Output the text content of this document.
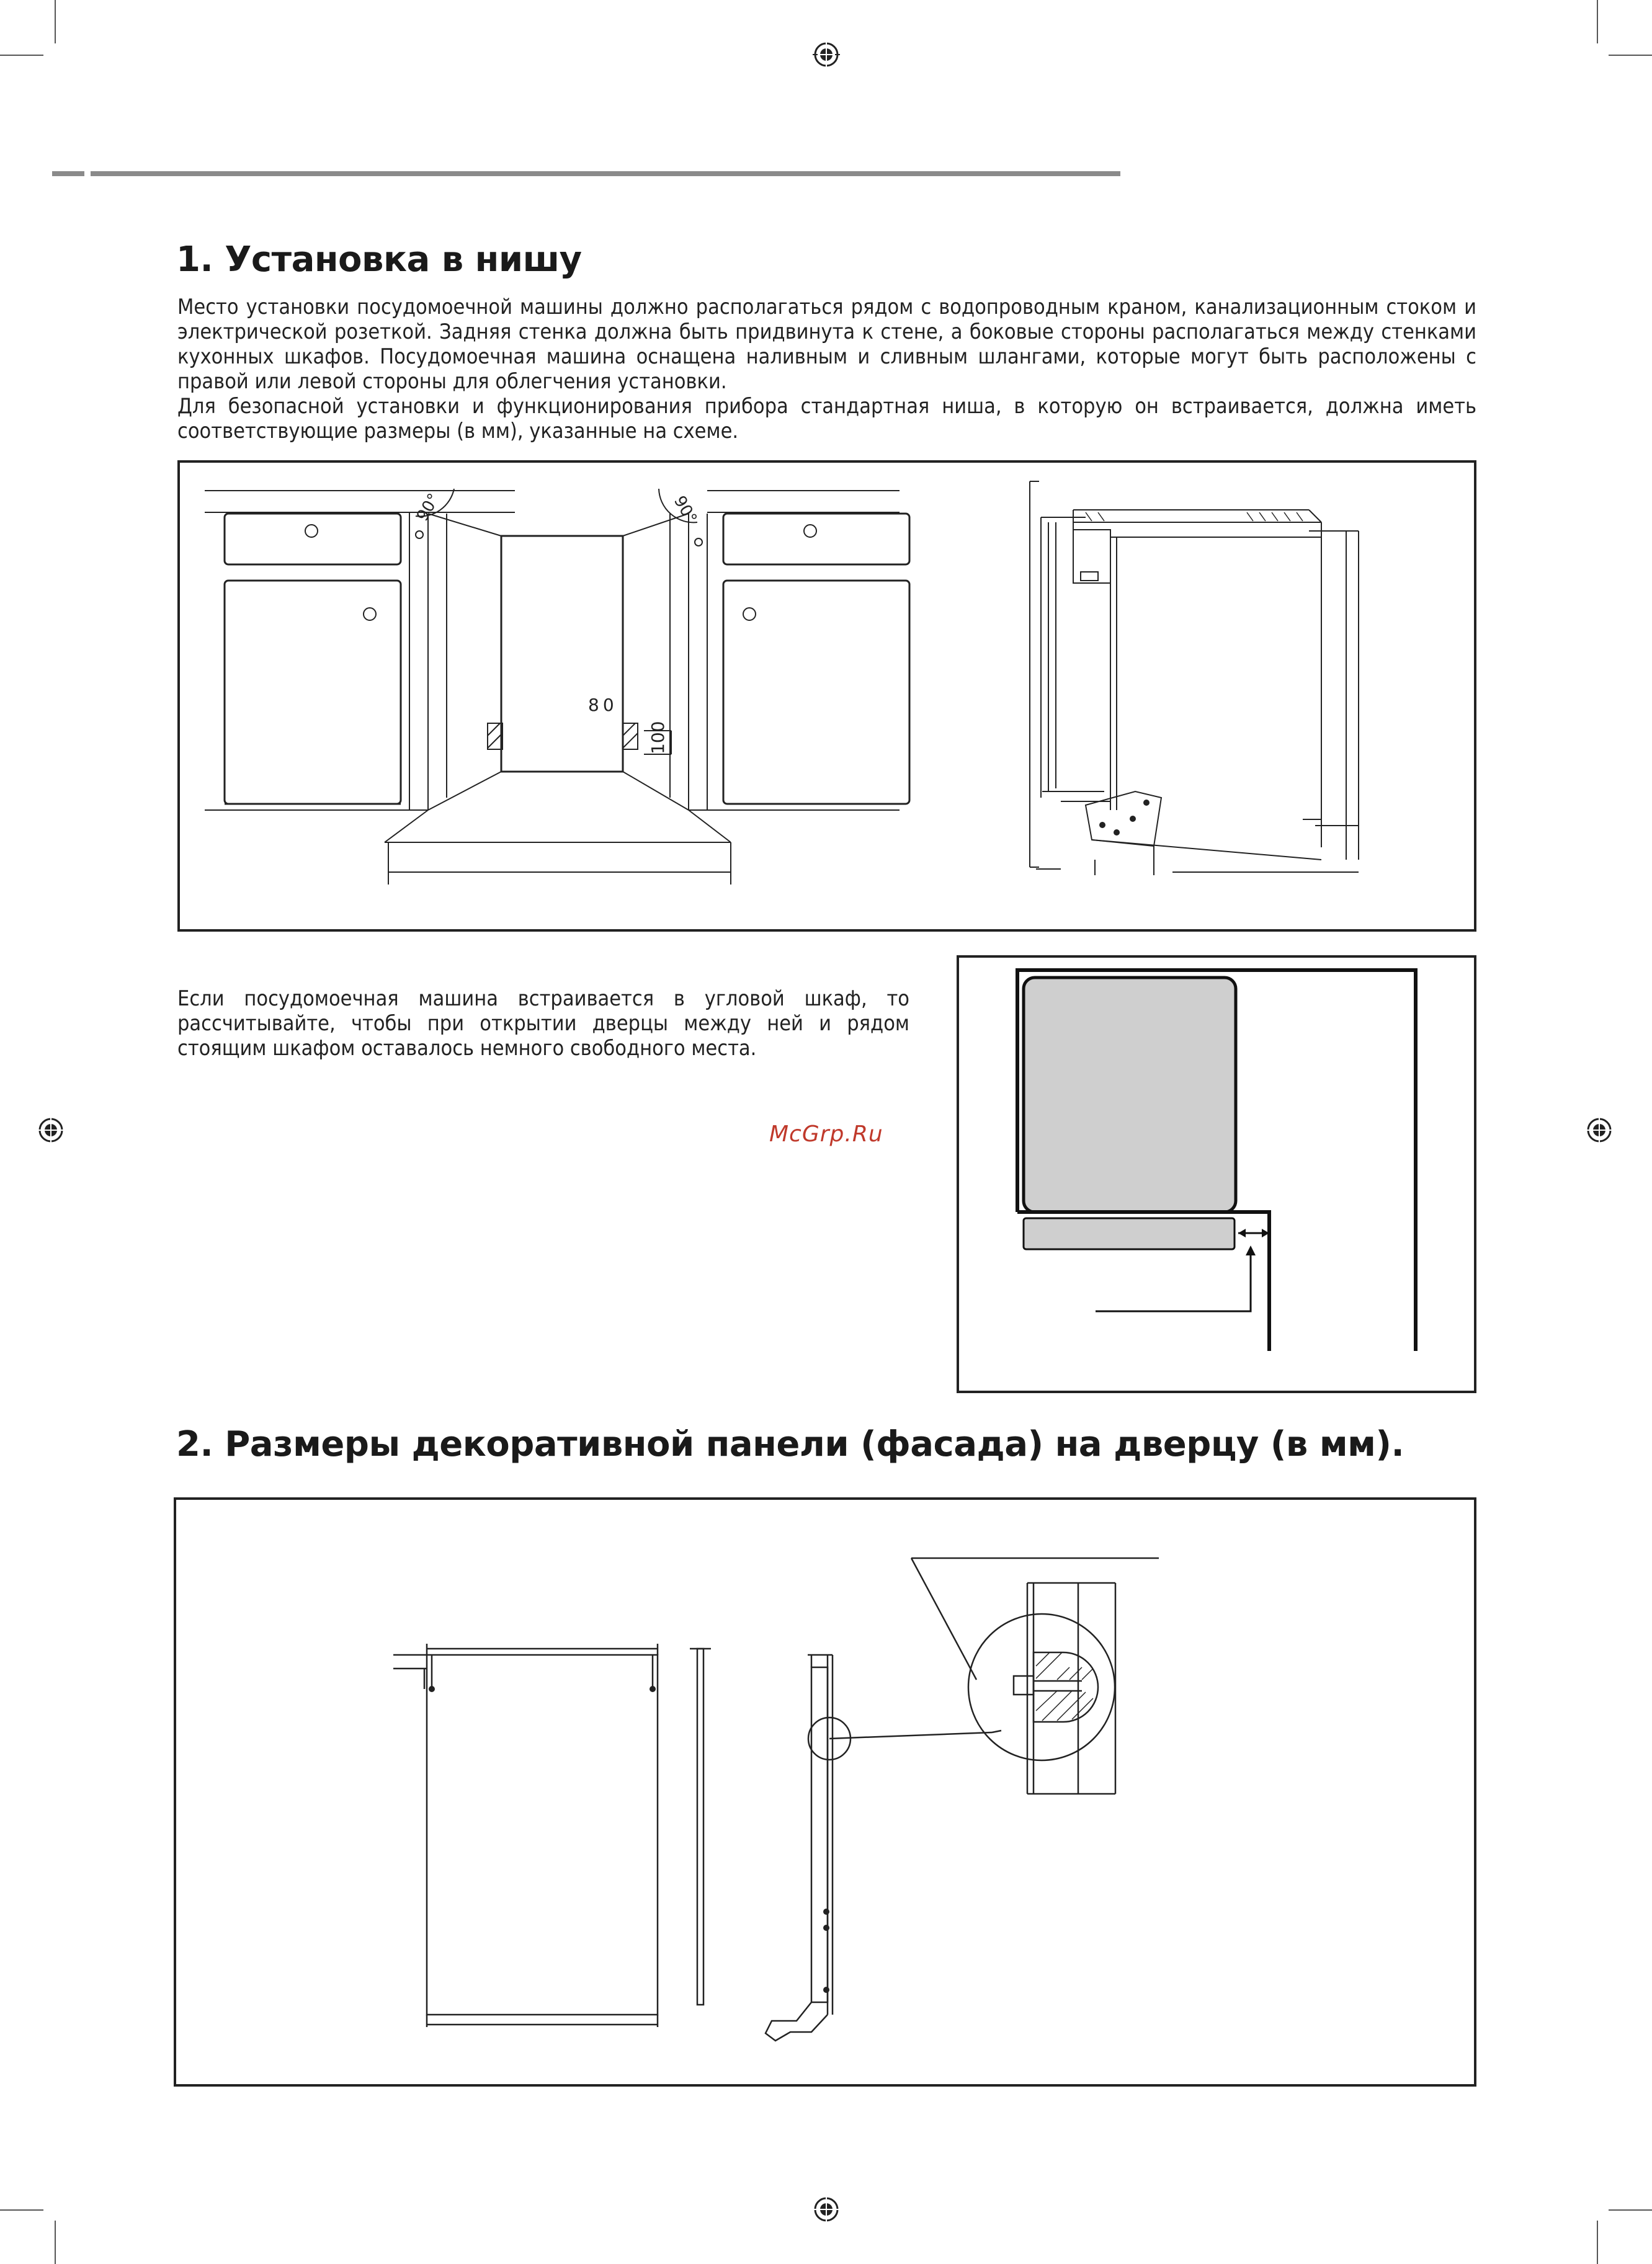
1. Установка в нишу
Место установки посудомоечной машины должно располагаться рядом с водопроводным краном, канализационным стоком и электрической розеткой. Задняя стенка должна быть придвинута к стене, а боковые стороны располагаться между стенками кухонных шкафов. Посудомоечная машина оснащена наливным и сливным шлангами, которые могут быть расположены с правой или левой стороны для облегчения установки.
Для безопасной установки и функционирования прибора стандартная ниша, в которую он встраивается, должна иметь соответствующие размеры (в мм), указанные на схеме.
90°	90°
80
100
Если посудомоечная машина встраивается в угловой шкаф, то рассчитывайте, чтобы при открытии дверцы между ней и рядом стоящим шкафом оставалось немного свободного места.
McGrp.Ru
2. Размеры декоративной панели (фасада) на дверцу (в мм).
